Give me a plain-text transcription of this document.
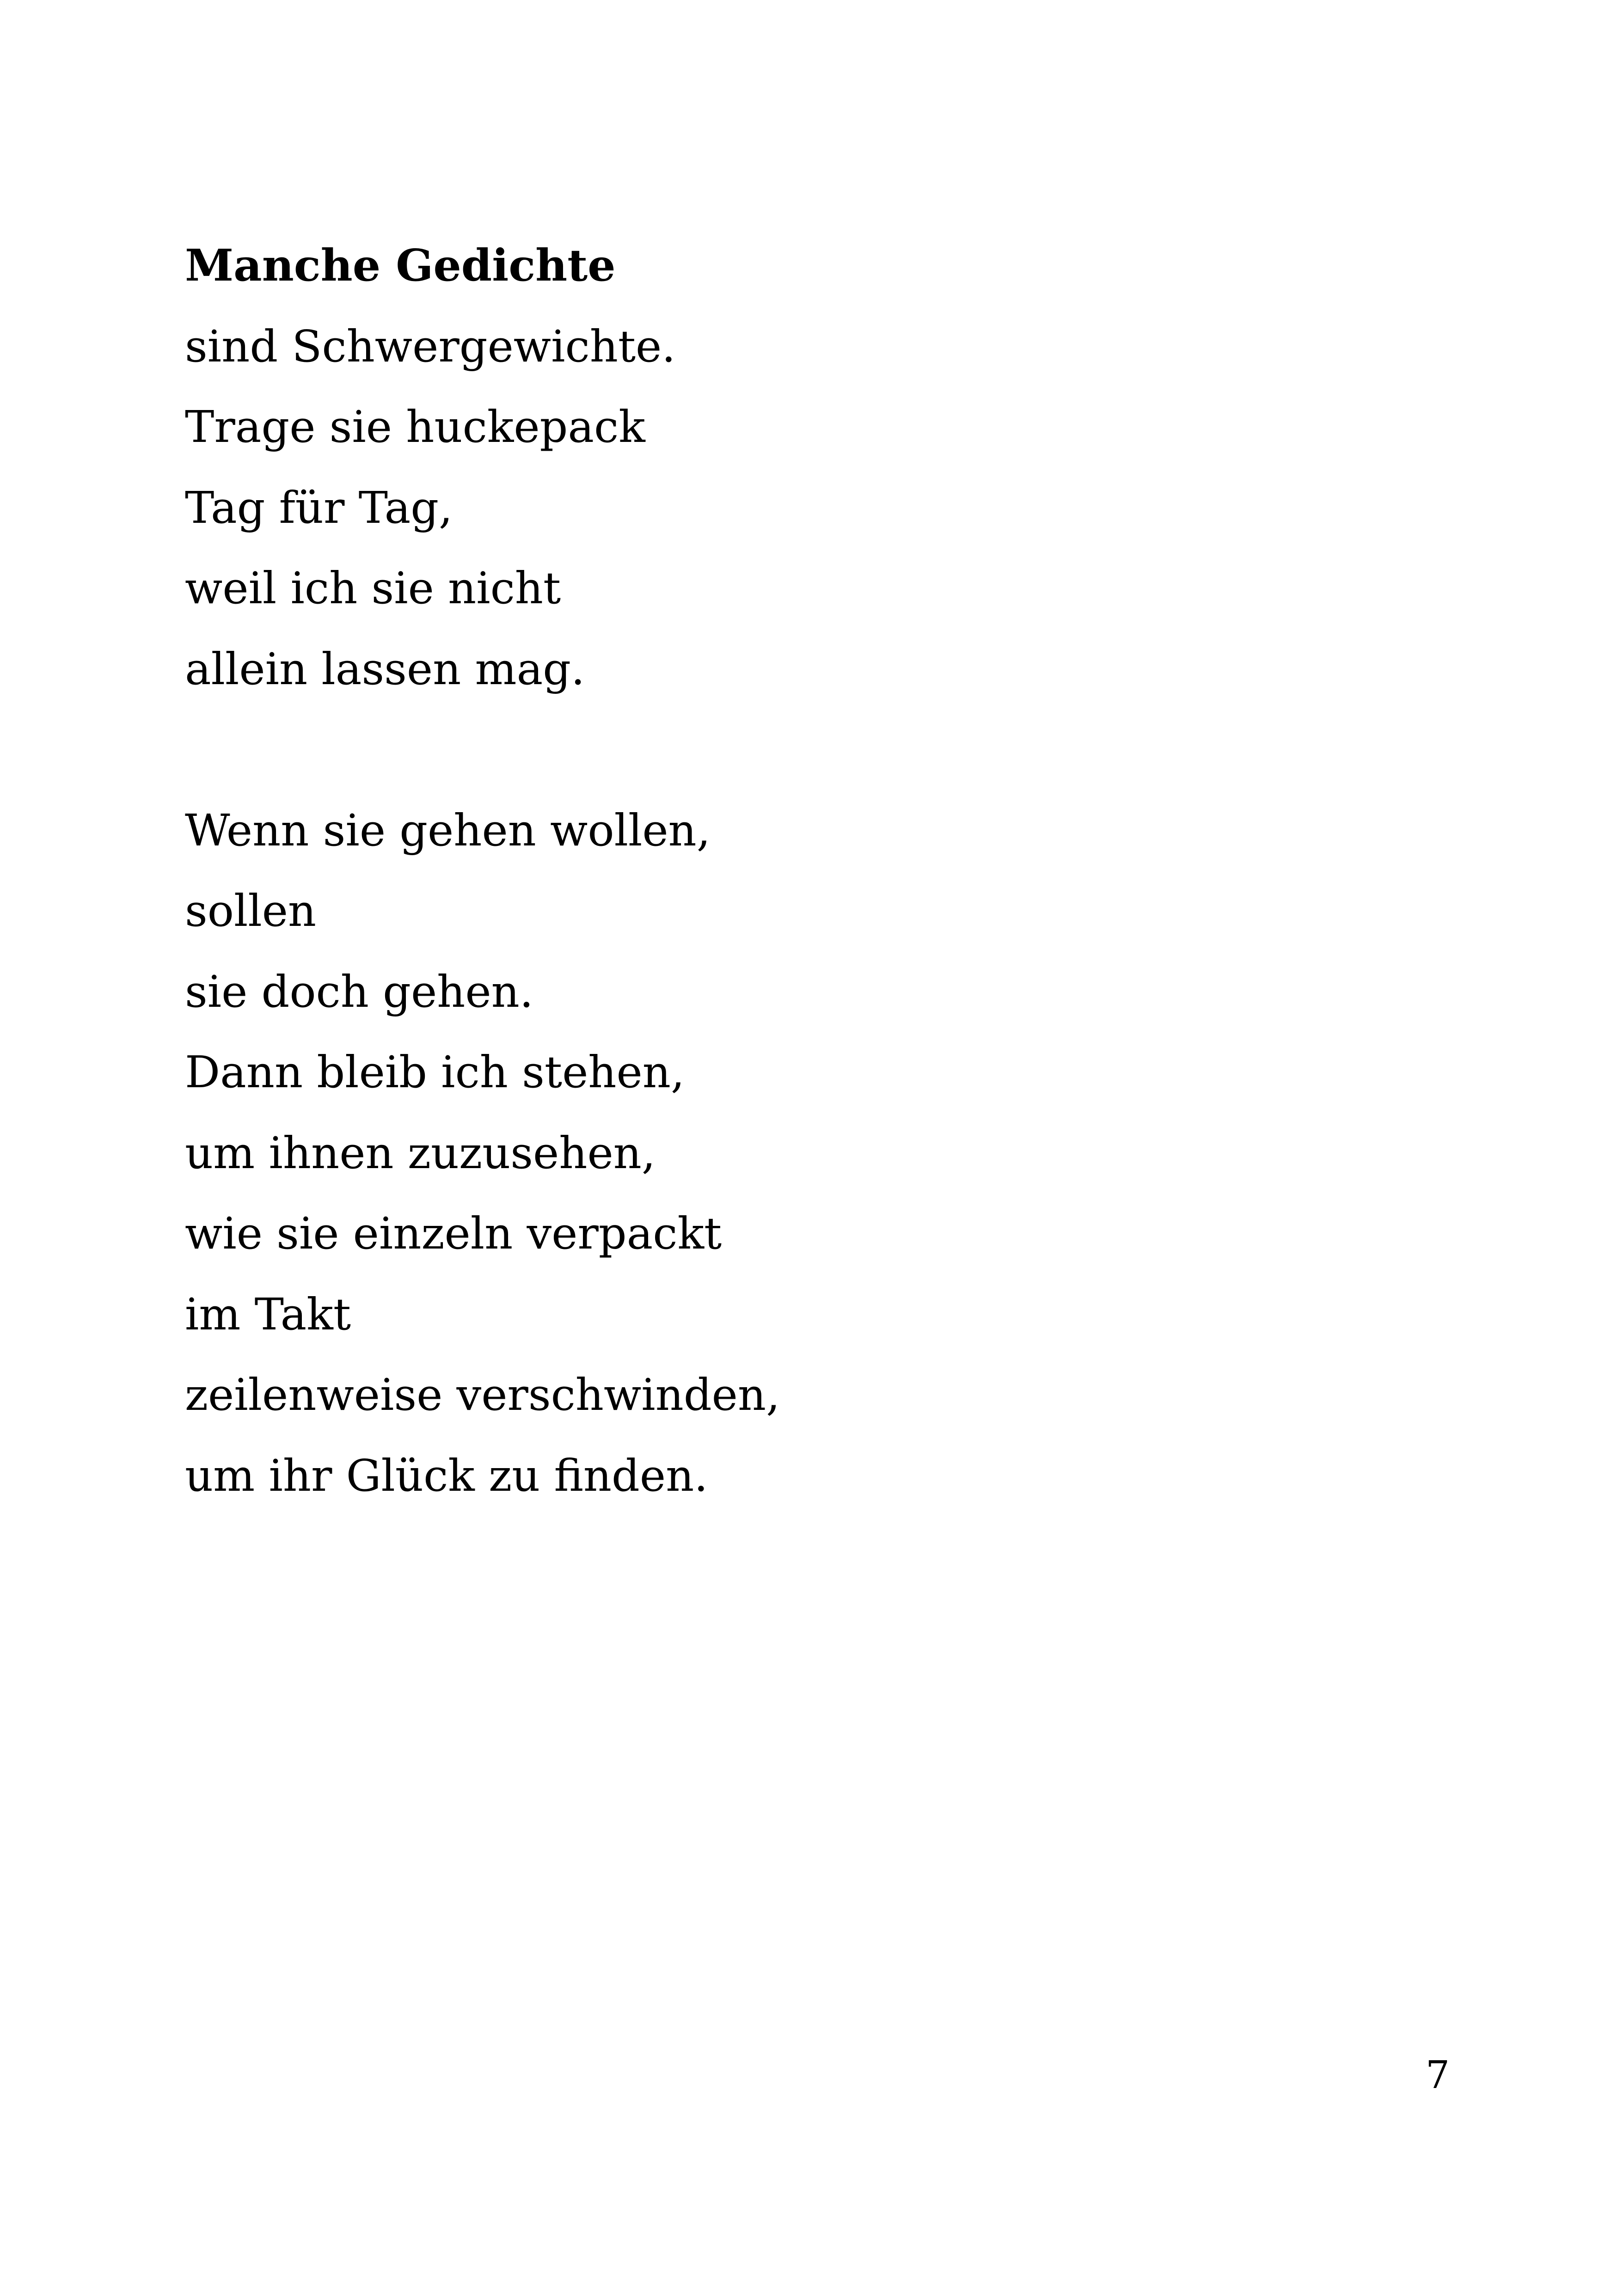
Manche Gedichte
sind Schwergewichte.
Trage sie huckepack
Tag für Tag,
weil ich sie nicht
allein lassen mag.
Wenn sie gehen wollen,
sollen
sie doch gehen.
Dann bleib ich stehen,
um ihnen zuzusehen,
wie sie einzeln verpackt
im Takt
zeilenweise verschwinden,
um ihr Glück zu finden.
7
